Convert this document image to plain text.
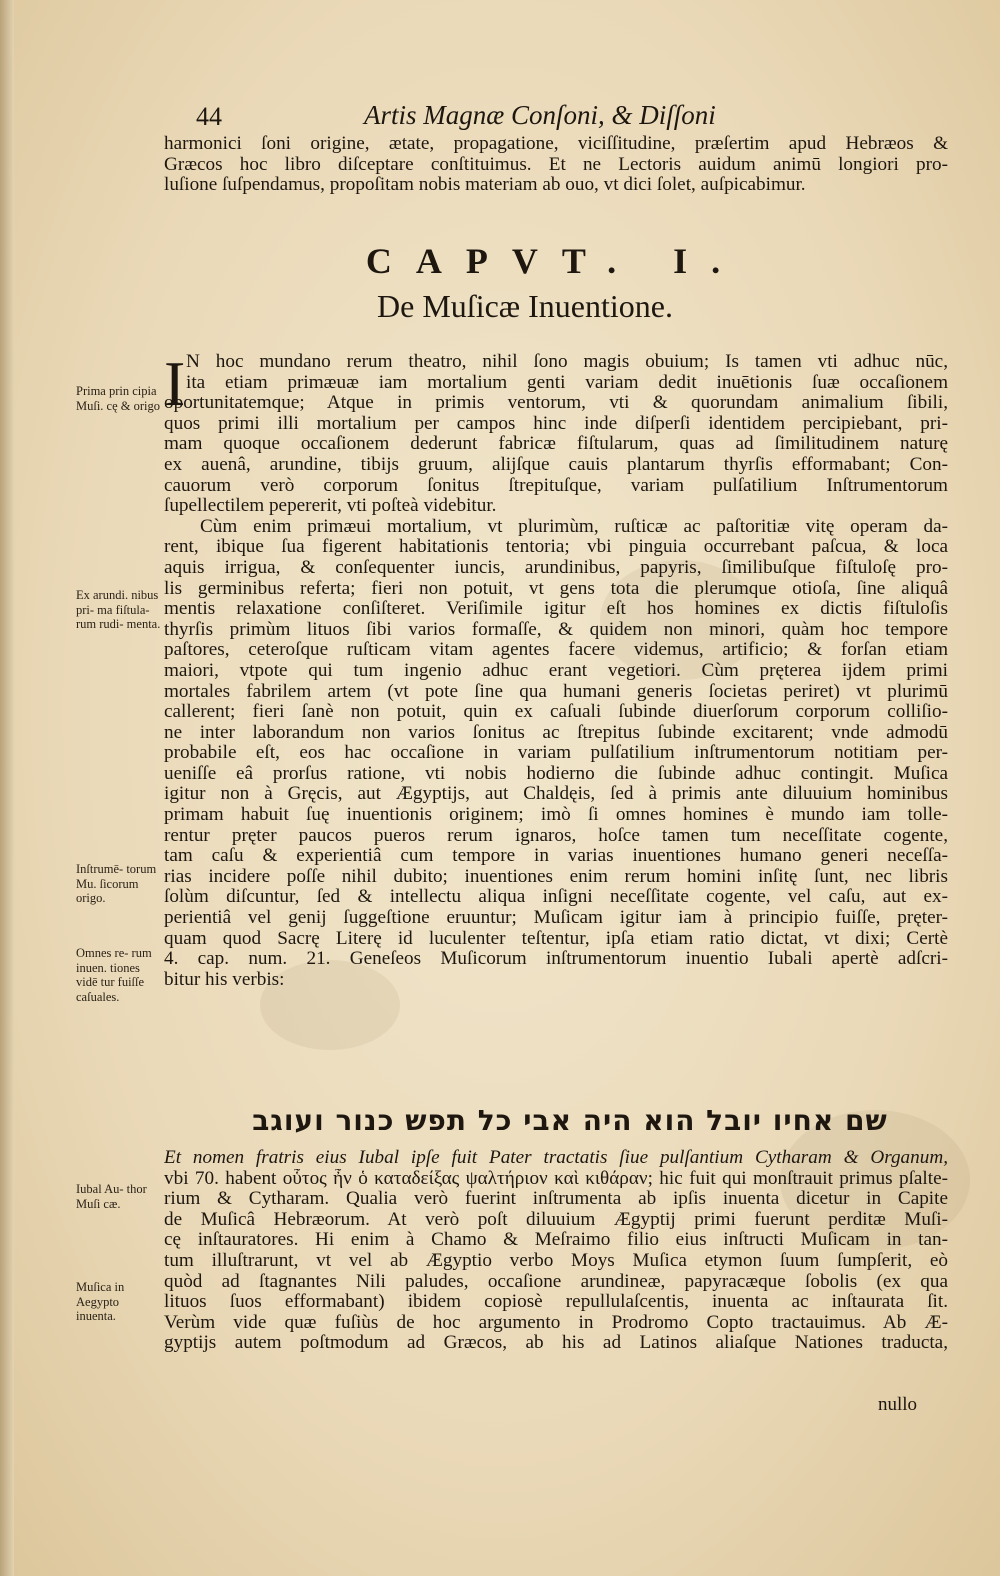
44	Artis Magnæ Conſoni, & Diſſoni
harmonici ſoni origine, ætate, propagatione, viciſſitudine, præſertim apud Hebræos &
Græcos hoc libro diſceptare conſtituimus. Et ne Lectoris auidum animū longiori pro-
luſione ſuſpendamus, propoſitam nobis materiam ab ouo, vt dici ſolet, auſpicabimur.
CAPVT. I.
De Muſicæ Inuentione.
I N hoc mundano rerum theatro, nihil ſono magis obuium; Is tamen vti adhuc nūc,
ita etiam primæuæ iam mortalium genti variam dedit inuētionis ſuæ occaſionem
oportunitatemque; Atque in primis ventorum, vti & quorundam animalium ſibili,
quos primi illi mortalium per campos hinc inde diſperſi identidem percipiebant, pri-
mam quoque occaſionem dederunt fabricæ fiſtularum, quas ad ſimilitudinem naturę
ex auenâ, arundine, tibijs gruum, alijſque cauis plantarum thyrſis efformabant; Con-
cauorum verò corporum ſonitus ſtrepituſque, variam pulſatilium Inſtrumentorum
ſupellectilem pepererit, vti poſteà videbitur.
Cùm enim primæui mortalium, vt plurimùm, ruſticæ ac paſtoritiæ vitę operam da-
rent, ibique ſua figerent habitationis tentoria; vbi pinguia occurrebant paſcua, & loca
aquis irrigua, & conſequenter iuncis, arundinibus, papyris, ſimilibuſque fiſtuloſę pro-
lis germinibus referta; fieri non potuit, vt gens tota die plerumque otioſa, ſine aliquâ
mentis relaxatione conſiſteret. Veriſimile igitur eſt hos homines ex dictis fiſtuloſis
thyrſis primùm lituos ſibi varios formaſſe, & quidem non minori, quàm hoc tempore
paſtores, ceteroſque ruſticam vitam agentes facere videmus, artificio; & forſan etiam
maiori, vtpote qui tum ingenio adhuc erant vegetiori. Cùm pręterea ijdem primi
mortales fabrilem artem (vt pote ſine qua humani generis ſocietas periret) vt plurimū
callerent; fieri ſanè non potuit, quin ex caſuali ſubinde diuerſorum corporum colliſio-
ne inter laborandum non varios ſonitus ac ſtrepitus ſubinde excitarent; vnde admodū
probabile eſt, eos hac occaſione in variam pulſatilium inſtrumentorum notitiam per-
ueniſſe eâ prorſus ratione, vti nobis hodierno die ſubinde adhuc contingit. Muſica
igitur non à Gręcis, aut Ægyptijs, aut Chaldęis, ſed à primis ante diluuium hominibus
primam habuit ſuę inuentionis originem; imò ſi omnes homines è mundo iam tolle-
rentur pręter paucos pueros rerum ignaros, hoſce tamen tum neceſſitate cogente,
tam caſu & experientiâ cum tempore in varias inuentiones humano generi neceſſa-
rias incidere poſſe nihil dubito; inuentiones enim rerum homini inſitę ſunt, nec libris
ſolùm diſcuntur, ſed & intellectu aliqua inſigni neceſſitate cogente, vel caſu, aut ex-
perientiâ vel genij ſuggeſtione eruuntur; Muſicam igitur iam à principio fuiſſe, pręter-
quam quod Sacrę Literę id luculenter teſtentur, ipſa etiam ratio dictat, vt dixi; Certè
4. cap. num. 21. Geneſeos Muſicorum inſtrumentorum inuentio Iubali apertè adſcri-
bitur his verbis:
שם אחיו יובל הוא היה אבי כל תפש כנור ועוגב
Et nomen fratris eius Iubal ipſe fuit Pater tractatis ſiue pulſantium Cytharam & Organum,
vbi 70. habent οὗτος ἦν ὁ καταδείξας ψαλτήριον καὶ κιθάραν; hic fuit qui monſtrauit primus pſalte-
rium & Cytharam. Qualia verò fuerint inſtrumenta ab ipſis inuenta dicetur in Capite
de Muſicâ Hebræorum. At verò poſt diluuium Ægyptij primi fuerunt perditæ Muſi-
cę inſtauratores. Hi enim à Chamo & Meſraimo filio eius inſtructi Muſicam in tan-
tum illuſtrarunt, vt vel ab Ægyptio verbo Moys Muſica etymon ſuum ſumpſerit, eò
quòd ad ſtagnantes Nili paludes, occaſione arundineæ, papyracæque ſobolis (ex qua
lituos ſuos efformabant) ibidem copiosè repullulaſcentis, inuenta ac inſtaurata ſit.
Verùm vide quæ fuſiùs de hoc argumento in Prodromo Copto tractauimus. Ab Æ-
gyptijs autem poſtmodum ad Græcos, ab his ad Latinos aliaſque Nationes traducta,
nullo
Prima prin cipia Muſi. cę & origo
Ex arundi. nibus pri- ma fiſtula- rum rudi- menta.
Inſtrumē- torum Mu. ſicorum origo.
Omnes re- rum inuen. tiones vidē tur fuiſſe caſuales.
Iubal Au- thor Muſi cæ.
Muſica in Aegypto inuenta.
